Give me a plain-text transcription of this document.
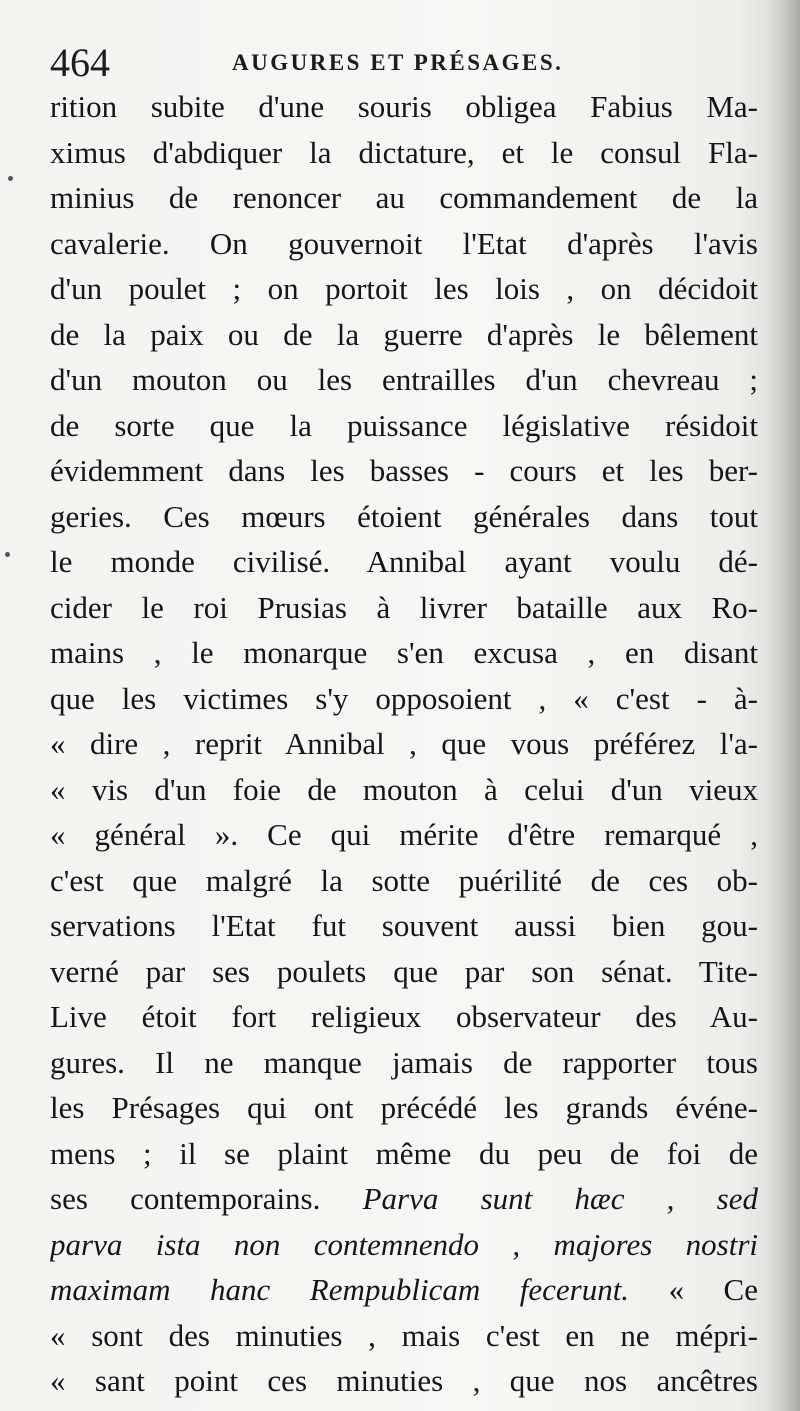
464	AUGURES ET PRÉSAGES.
rition subite d'une souris obligea Fabius Ma-
ximus d'abdiquer la dictature, et le consul Fla-
minius de renoncer au commandement de la
cavalerie. On gouvernoit l'Etat d'après l'avis
d'un poulet ; on portoit les lois , on décidoit
de la paix ou de la guerre d'après le bêlement
d'un mouton ou les entrailles d'un chevreau ;
de sorte que la puissance législative résidoit
évidemment dans les basses - cours et les ber-
geries. Ces mœurs étoient générales dans tout
le monde civilisé. Annibal ayant voulu dé-
cider le roi Prusias à livrer bataille aux Ro-
mains , le monarque s'en excusa , en disant
que les victimes s'y opposoient , « c'est - à-
« dire , reprit Annibal , que vous préférez l'a-
« vis d'un foie de mouton à celui d'un vieux
« général ». Ce qui mérite d'être remarqué ,
c'est que malgré la sotte puérilité de ces ob-
servations l'Etat fut souvent aussi bien gou-
verné par ses poulets que par son sénat. Tite-
Live étoit fort religieux observateur des Au-
gures. Il ne manque jamais de rapporter tous
les Présages qui ont précédé les grands événe-
mens ; il se plaint même du peu de foi de
ses contemporains. Parva sunt hæc , sed
parva ista non contemnendo , majores nostri
maximam hanc Rempublicam fecerunt. « Ce
« sont des minuties , mais c'est en ne mépri-
« sant point ces minuties , que nos ancêtres
